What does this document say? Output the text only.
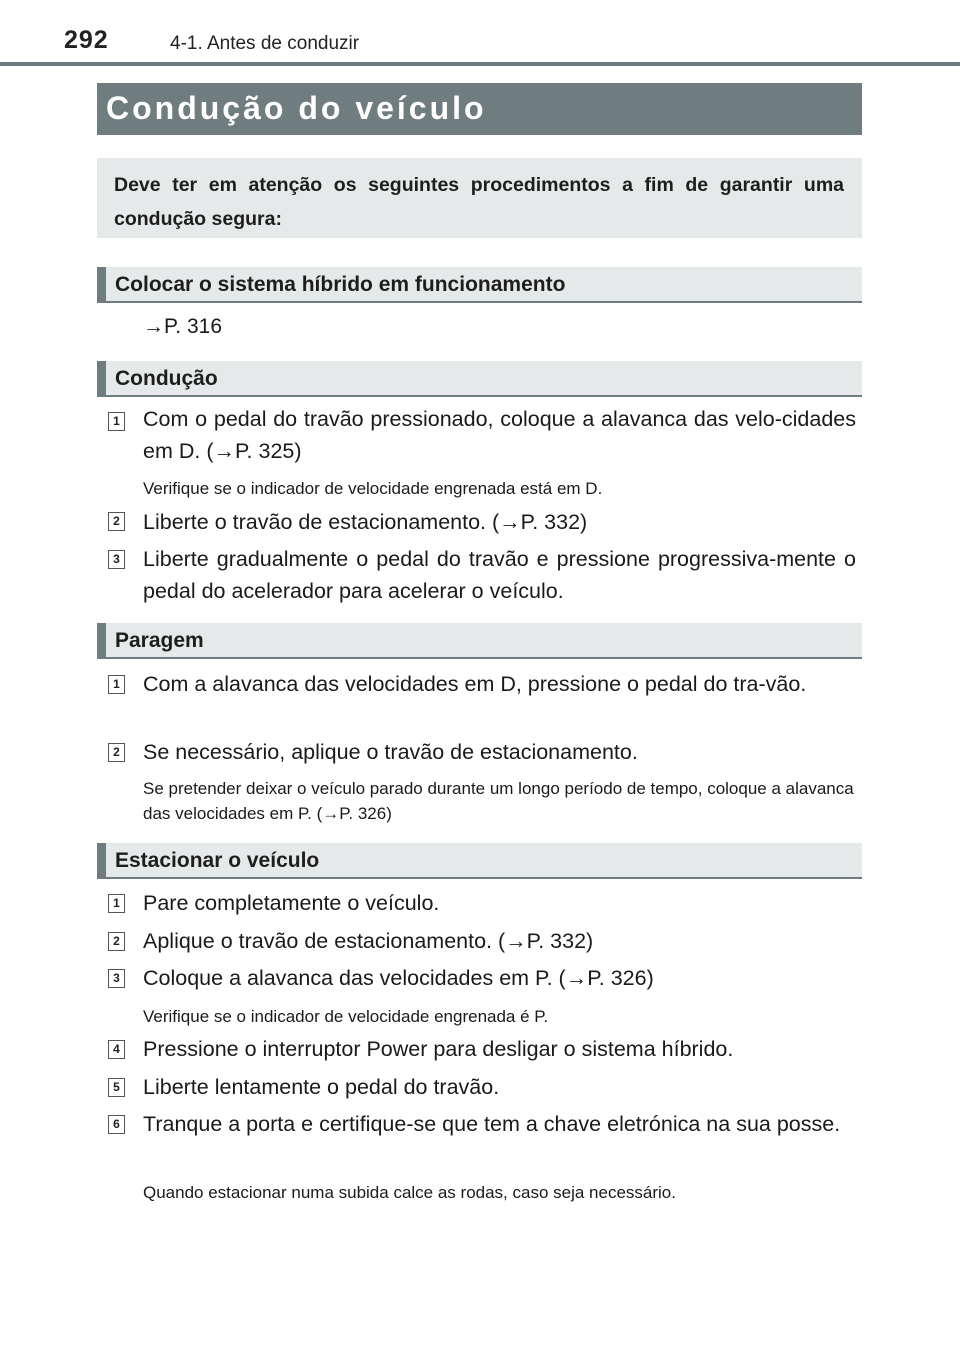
292	4-1. Antes de conduzir
Condução do veículo
Deve ter em atenção os seguintes procedimentos a fim de garantir uma condução segura:
Colocar o sistema híbrido em funcionamento
→P. 316
Condução
1 Com o pedal do travão pressionado, coloque a alavanca das velo-cidades em D. (→P. 325)
Verifique se o indicador de velocidade engrenada está em D.
2 Liberte o travão de estacionamento. (→P. 332)
3 Liberte gradualmente o pedal do travão e pressione progressiva-mente o pedal do acelerador para acelerar o veículo.
Paragem
1 Com a alavanca das velocidades em D, pressione o pedal do tra-vão.
2 Se necessário, aplique o travão de estacionamento.
Se pretender deixar o veículo parado durante um longo período de tempo, coloque a alavanca das velocidades em P. (→P. 326)
Estacionar o veículo
1 Pare completamente o veículo.
2 Aplique o travão de estacionamento. (→P. 332)
3 Coloque a alavanca das velocidades em P. (→P. 326)
Verifique se o indicador de velocidade engrenada é P.
4 Pressione o interruptor Power para desligar o sistema híbrido.
5 Liberte lentamente o pedal do travão.
6 Tranque a porta e certifique-se que tem a chave eletrónica na sua posse.
Quando estacionar numa subida calce as rodas, caso seja necessário.
